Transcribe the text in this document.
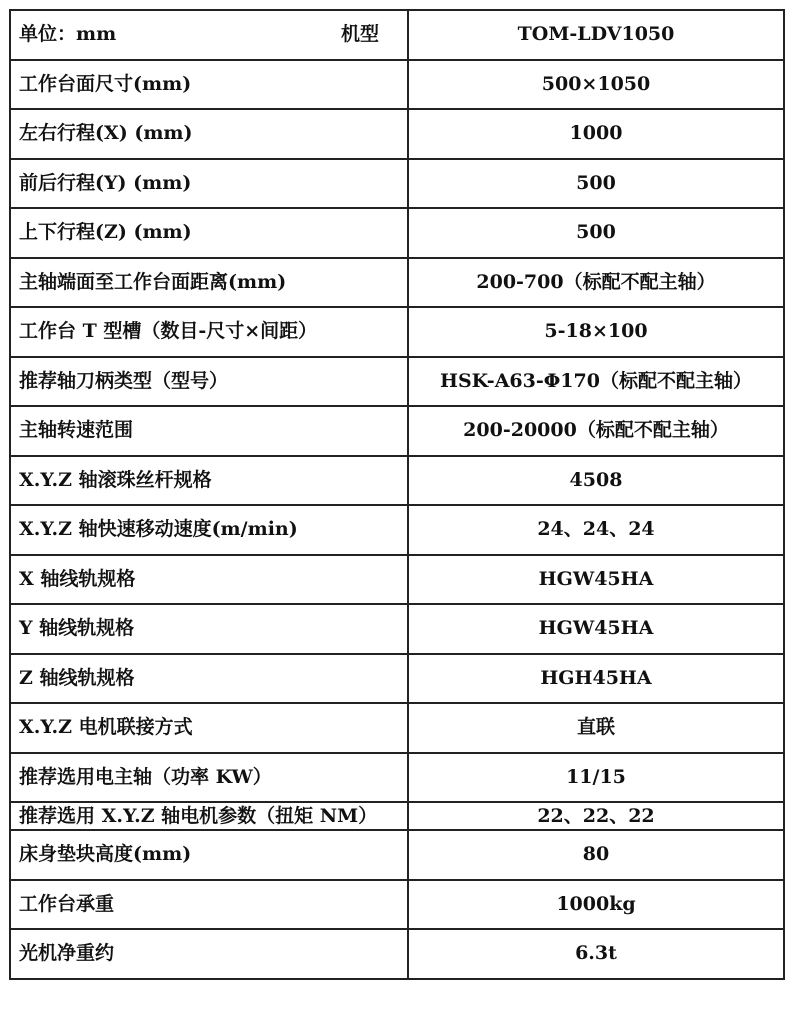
单位：mm 机型	TOM-LDV1050
工作台面尺寸(mm)	500×1050
左右行程(X) (mm)	1000
前后行程(Y) (mm)	500
上下行程(Z) (mm)	500
主轴端面至工作台面距离(mm)	200-700（标配不配主轴）
工作台 T 型槽（数目-尺寸×间距）	5-18×100
推荐轴刀柄类型（型号）	HSK-A63-Φ170（标配不配主轴）
主轴转速范围	200-20000（标配不配主轴）
X.Y.Z 轴滚珠丝杆规格	4508
X.Y.Z 轴快速移动速度(m/min)	24、24、24
X 轴线轨规格	HGW45HA
Y 轴线轨规格	HGW45HA
Z 轴线轨规格	HGH45HA
X.Y.Z 电机联接方式	直联
推荐选用电主轴（功率 KW）	11/15
推荐选用 X.Y.Z 轴电机参数（扭矩 NM）	22、22、22
床身垫块高度(mm)	80
工作台承重	1000kg
光机净重约	6.3t
